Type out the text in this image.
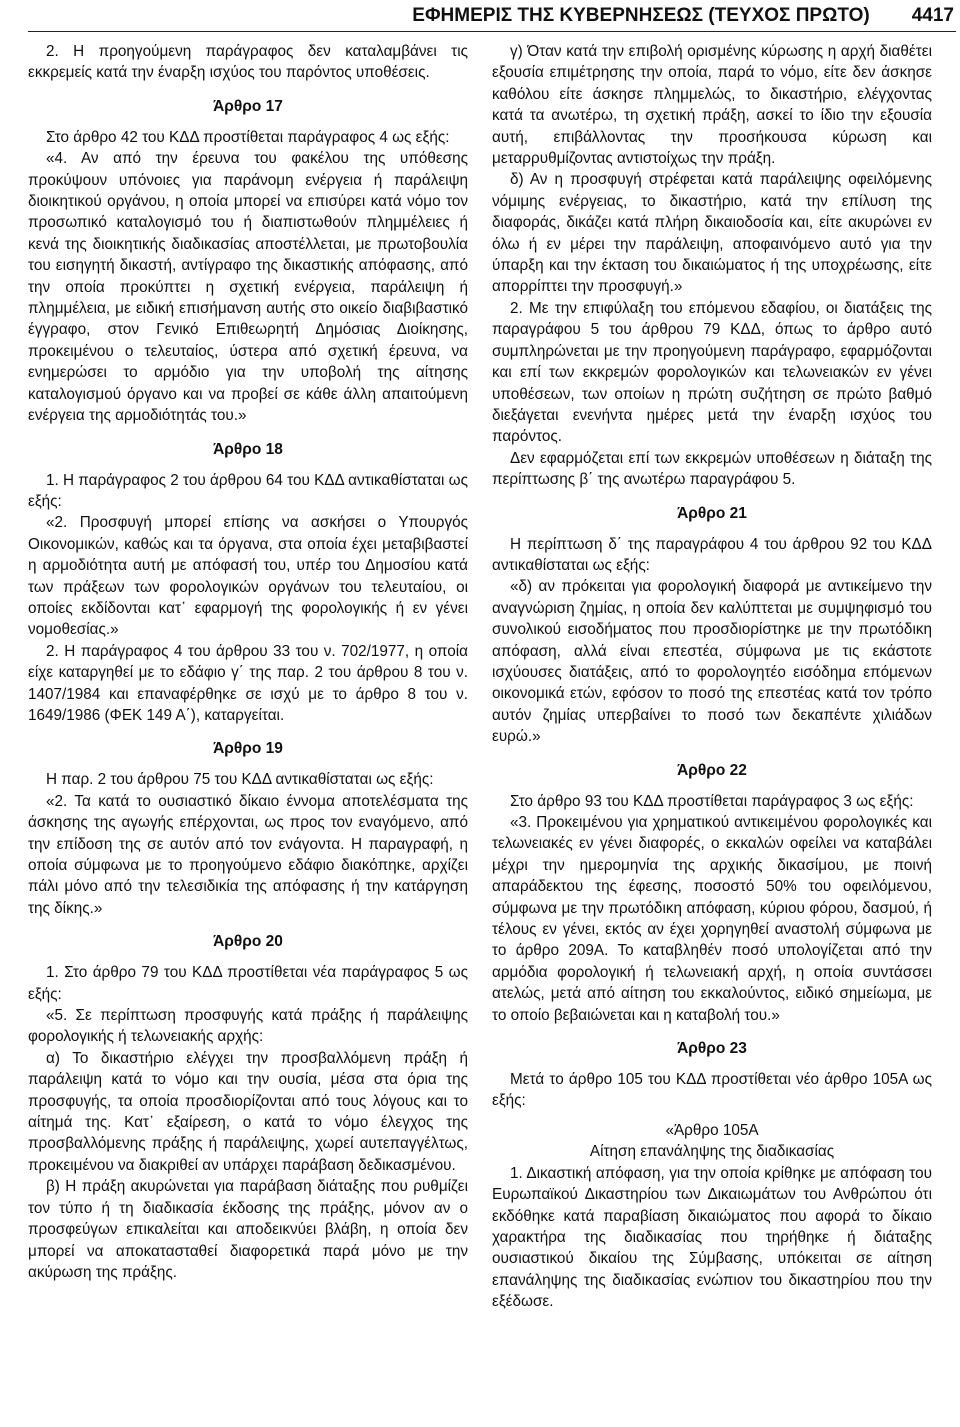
ΕΦΗΜΕΡΙΣ ΤΗΣ ΚΥΒΕΡΝΗΣΕΩΣ (ΤΕΥΧΟΣ ΠΡΩΤΟ) 4417

2. Η προηγούμενη παράγραφος δεν καταλαμβάνει τις εκκρεμείς κατά την έναρξη ισχύος του παρόντος υποθέσεις.

Άρθρο 17

Στο άρθρο 42 του ΚΔΔ προστίθεται παράγραφος 4 ως εξής:

«4. Αν από την έρευνα του φακέλου της υπόθεσης προκύψουν υπόνοιες για παράνομη ενέργεια ή παράλειψη διοικητικού οργάνου, η οποία μπορεί να επισύρει κατά νόμο τον προσωπικό καταλογισμό του ή διαπιστωθούν πλημμέλειες ή κενά της διοικητικής διαδικασίας αποστέλλεται, με πρωτοβουλία του εισηγητή δικαστή, αντίγραφο της δικαστικής απόφασης, από την οποία προκύπτει η σχετική ενέργεια, παράλειψη ή πλημμέλεια, με ειδική επισήμανση αυτής στο οικείο διαβιβαστικό έγγραφο, στον Γενικό Επιθεωρητή Δημόσιας Διοίκησης, προκειμένου ο τελευταίος, ύστερα από σχετική έρευνα, να ενημερώσει το αρμόδιο για την υποβολή της αίτησης καταλογισμού όργανο και να προβεί σε κάθε άλλη απαιτούμενη ενέργεια της αρμοδιότητάς του.»

Άρθρο 18

1. Η παράγραφος 2 του άρθρου 64 του ΚΔΔ αντικαθίσταται ως εξής:

«2. Προσφυγή μπορεί επίσης να ασκήσει ο Υπουργός Οικονομικών, καθώς και τα όργανα, στα οποία έχει μεταβιβαστεί η αρμοδιότητα αυτή με απόφασή του, υπέρ του Δημοσίου κατά των πράξεων των φορολογικών οργάνων του τελευταίου, οι οποίες εκδίδονται κατ᾿ εφαρμογή της φορολογικής ή εν γένει νομοθεσίας.»

2. Η παράγραφος 4 του άρθρου 33 του ν. 702/1977, η οποία είχε καταργηθεί με το εδάφιο γ΄ της παρ. 2 του άρθρου 8 του ν. 1407/1984 και επαναφέρθηκε σε ισχύ με το άρθρο 8 του ν. 1649/1986 (ΦΕΚ 149 Α΄), καταργείται.

Άρθρο 19

Η παρ. 2 του άρθρου 75 του ΚΔΔ αντικαθίσταται ως εξής:

«2. Τα κατά το ουσιαστικό δίκαιο έννομα αποτελέσματα της άσκησης της αγωγής επέρχονται, ως προς τον εναγόμενο, από την επίδοση της σε αυτόν από τον ενάγοντα. Η παραγραφή, η οποία σύμφωνα με το προηγούμενο εδάφιο διακόπηκε, αρχίζει πάλι μόνο από την τελεσιδικία της απόφασης ή την κατάργηση της δίκης.»

Άρθρο 20

1. Στο άρθρο 79 του ΚΔΔ προστίθεται νέα παράγραφος 5 ως εξής:

«5. Σε περίπτωση προσφυγής κατά πράξης ή παράλειψης φορολογικής ή τελωνειακής αρχής:

α) Το δικαστήριο ελέγχει την προσβαλλόμενη πράξη ή παράλειψη κατά το νόμο και την ουσία, μέσα στα όρια της προσφυγής, τα οποία προσδιορίζονται από τους λόγους και το αίτημά της. Κατ᾿ εξαίρεση, ο κατά το νόμο έλεγχος της προσβαλλόμενης πράξης ή παράλειψης, χωρεί αυτεπαγγέλτως, προκειμένου να διακριθεί αν υπάρχει παράβαση δεδικασμένου.

β) Η πράξη ακυρώνεται για παράβαση διάταξης που ρυθμίζει τον τύπο ή τη διαδικασία έκδοσης της πράξης, μόνον αν ο προσφεύγων επικαλείται και αποδεικνύει βλάβη, η οποία δεν μπορεί να αποκατασταθεί διαφορετικά παρά μόνο με την ακύρωση της πράξης.

γ) Όταν κατά την επιβολή ορισμένης κύρωσης η αρχή διαθέτει εξουσία επιμέτρησης την οποία, παρά το νόμο, είτε δεν άσκησε καθόλου είτε άσκησε πλημμελώς, το δικαστήριο, ελέγχοντας κατά τα ανωτέρω, τη σχετική πράξη, ασκεί το ίδιο την εξουσία αυτή, επιβάλλοντας την προσήκουσα κύρωση και μεταρρυθμίζοντας αντιστοίχως την πράξη.

δ) Αν η προσφυγή στρέφεται κατά παράλειψης οφειλόμενης νόμιμης ενέργειας, το δικαστήριο, κατά την επίλυση της διαφοράς, δικάζει κατά πλήρη δικαιοδοσία και, είτε ακυρώνει εν όλω ή εν μέρει την παράλειψη, αποφαινόμενο αυτό για την ύπαρξη και την έκταση του δικαιώματος ή της υποχρέωσης, είτε απορρίπτει την προσφυγή.»

2. Με την επιφύλαξη του επόμενου εδαφίου, οι διατάξεις της παραγράφου 5 του άρθρου 79 ΚΔΔ, όπως το άρθρο αυτό συμπληρώνεται με την προηγούμενη παράγραφο, εφαρμόζονται και επί των εκκρεμών φορολογικών και τελωνειακών εν γένει υποθέσεων, των οποίων η πρώτη συζήτηση σε πρώτο βαθμό διεξάγεται ενενήντα ημέρες μετά την έναρξη ισχύος του παρόντος.

Δεν εφαρμόζεται επί των εκκρεμών υποθέσεων η διάταξη της περίπτωσης β΄ της ανωτέρω παραγράφου 5.

Άρθρο 21

Η περίπτωση δ΄ της παραγράφου 4 του άρθρου 92 του ΚΔΔ αντικαθίσταται ως εξής:

«δ) αν πρόκειται για φορολογική διαφορά με αντικείμενο την αναγνώριση ζημίας, η οποία δεν καλύπτεται με συμψηφισμό του συνολικού εισοδήματος που προσδιορίστηκε με την πρωτόδικη απόφαση, αλλά είναι επεστέα, σύμφωνα με τις εκάστοτε ισχύουσες διατάξεις, από το φορολογητέο εισόδημα επόμενων οικονομικά ετών, εφόσον το ποσό της επεστέας κατά τον τρόπο αυτόν ζημίας υπερβαίνει το ποσό των δεκαπέντε χιλιάδων ευρώ.»

Άρθρο 22

Στο άρθρο 93 του ΚΔΔ προστίθεται παράγραφος 3 ως εξής:

«3. Προκειμένου για χρηματικού αντικειμένου φορολογικές και τελωνειακές εν γένει διαφορές, ο εκκαλών οφείλει να καταβάλει μέχρι την ημερομηνία της αρχικής δικασίμου, με ποινή απαράδεκτου της έφεσης, ποσοστό 50% του οφειλόμενου, σύμφωνα με την πρωτόδικη απόφαση, κύριου φόρου, δασμού, ή τέλους εν γένει, εκτός αν έχει χορηγηθεί αναστολή σύμφωνα με το άρθρο 209Α. Το καταβληθέν ποσό υπολογίζεται από την αρμόδια φορολογική ή τελωνειακή αρχή, η οποία συντάσσει ατελώς, μετά από αίτηση του εκκαλούντος, ειδικό σημείωμα, με το οποίο βεβαιώνεται και η καταβολή του.»

Άρθρο 23

Μετά το άρθρο 105 του ΚΔΔ προστίθεται νέο άρθρο 105Α ως εξής:

«Άρθρο 105Α

Αίτηση επανάληψης της διαδικασίας

1. Δικαστική απόφαση, για την οποία κρίθηκε με απόφαση του Ευρωπαϊκού Δικαστηρίου των Δικαιωμάτων του Ανθρώπου ότι εκδόθηκε κατά παραβίαση δικαιώματος που αφορά το δίκαιο χαρακτήρα της διαδικασίας που τηρήθηκε ή διάταξης ουσιαστικού δικαίου της Σύμβασης, υπόκειται σε αίτηση επανάληψης της διαδικασίας ενώπιον του δικαστηρίου που την εξέδωσε.
